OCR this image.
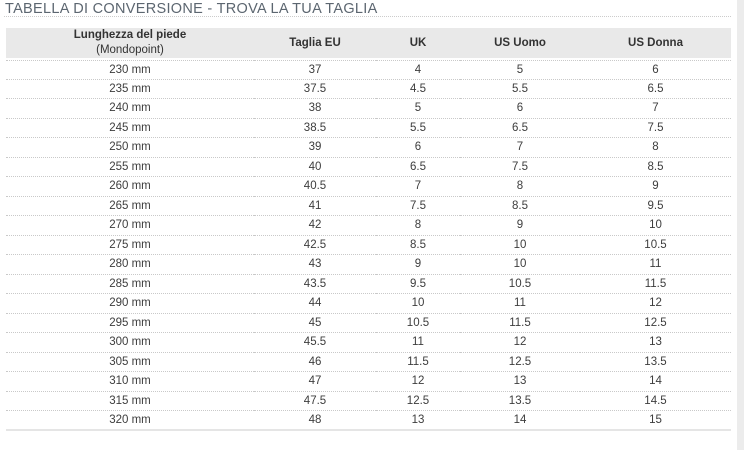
TABELLA DI CONVERSIONE - TROVA LA TUA TAGLIA
Lunghezza del piede
(Mondopoint)	Taglia EU	UK	US Uomo	US Donna
230 mm	37	4	5	6
235 mm	37.5	4.5	5.5	6.5
240 mm	38	5	6	7
245 mm	38.5	5.5	6.5	7.5
250 mm	39	6	7	8
255 mm	40	6.5	7.5	8.5
260 mm	40.5	7	8	9
265 mm	41	7.5	8.5	9.5
270 mm	42	8	9	10
275 mm	42.5	8.5	10	10.5
280 mm	43	9	10	11
285 mm	43.5	9.5	10.5	11.5
290 mm	44	10	11	12
295 mm	45	10.5	11.5	12.5
300 mm	45.5	11	12	13
305 mm	46	11.5	12.5	13.5
310 mm	47	12	13	14
315 mm	47.5	12.5	13.5	14.5
320 mm	48	13	14	15
